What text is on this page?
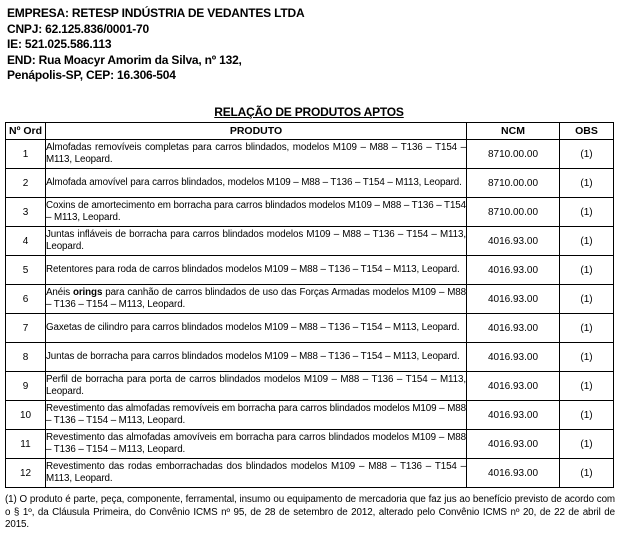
EMPRESA: RETESP INDÚSTRIA DE VEDANTES LTDA
CNPJ: 62.125.836/0001-70
IE: 521.025.586.113
END: Rua Moacyr Amorim da Silva, nº 132,
Penápolis-SP, CEP: 16.306-504
RELAÇÃO DE PRODUTOS APTOS
Nº Ord	PRODUTO	NCM	OBS
1	Almofadas removíveis completas para carros blindados, modelos M109 – M88 – T136 – T154 – M113, Leopard.	8710.00.00	(1)
2	Almofada amovível para carros blindados, modelos M109 – M88 – T136 – T154 – M113, Leopard.	8710.00.00	(1)
3	Coxins de amortecimento em borracha para carros blindados modelos M109 – M88 – T136 – T154 – M113, Leopard.	8710.00.00	(1)
4	Juntas infláveis de borracha para carros blindados modelos M109 – M88 – T136 – T154 – M113, Leopard.	4016.93.00	(1)
5	Retentores para roda de carros blindados modelos M109 – M88 – T136 – T154 – M113, Leopard.	4016.93.00	(1)
6	Anéis orings para canhão de carros blindados de uso das Forças Armadas modelos M109 – M88 – T136 – T154 – M113, Leopard.	4016.93.00	(1)
7	Gaxetas de cilindro para carros blindados modelos M109 – M88 – T136 – T154 – M113, Leopard.	4016.93.00	(1)
8	Juntas de borracha para carros blindados modelos M109 – M88 – T136 – T154 – M113, Leopard.	4016.93.00	(1)
9	Perfil de borracha para porta de carros blindados modelos M109 – M88 – T136 – T154 – M113, Leopard.	4016.93.00	(1)
10	Revestimento das almofadas removíveis em borracha para carros blindados modelos M109 – M88 – T136 – T154 – M113, Leopard.	4016.93.00	(1)
11	Revestimento das almofadas amovíveis em borracha para carros blindados modelos M109 – M88 – T136 – T154 – M113, Leopard.	4016.93.00	(1)
12	Revestimento das rodas emborrachadas dos blindados modelos M109 – M88 – T136 – T154 – M113, Leopard.	4016.93.00	(1)
(1) O produto é parte, peça, componente, ferramental, insumo ou equipamento de mercadoria que faz jus ao benefício previsto de acordo com o § 1º, da Cláusula Primeira, do Convênio ICMS nº 95, de 28 de setembro de 2012, alterado pelo Convênio ICMS nº 20, de 22 de abril de 2015.
